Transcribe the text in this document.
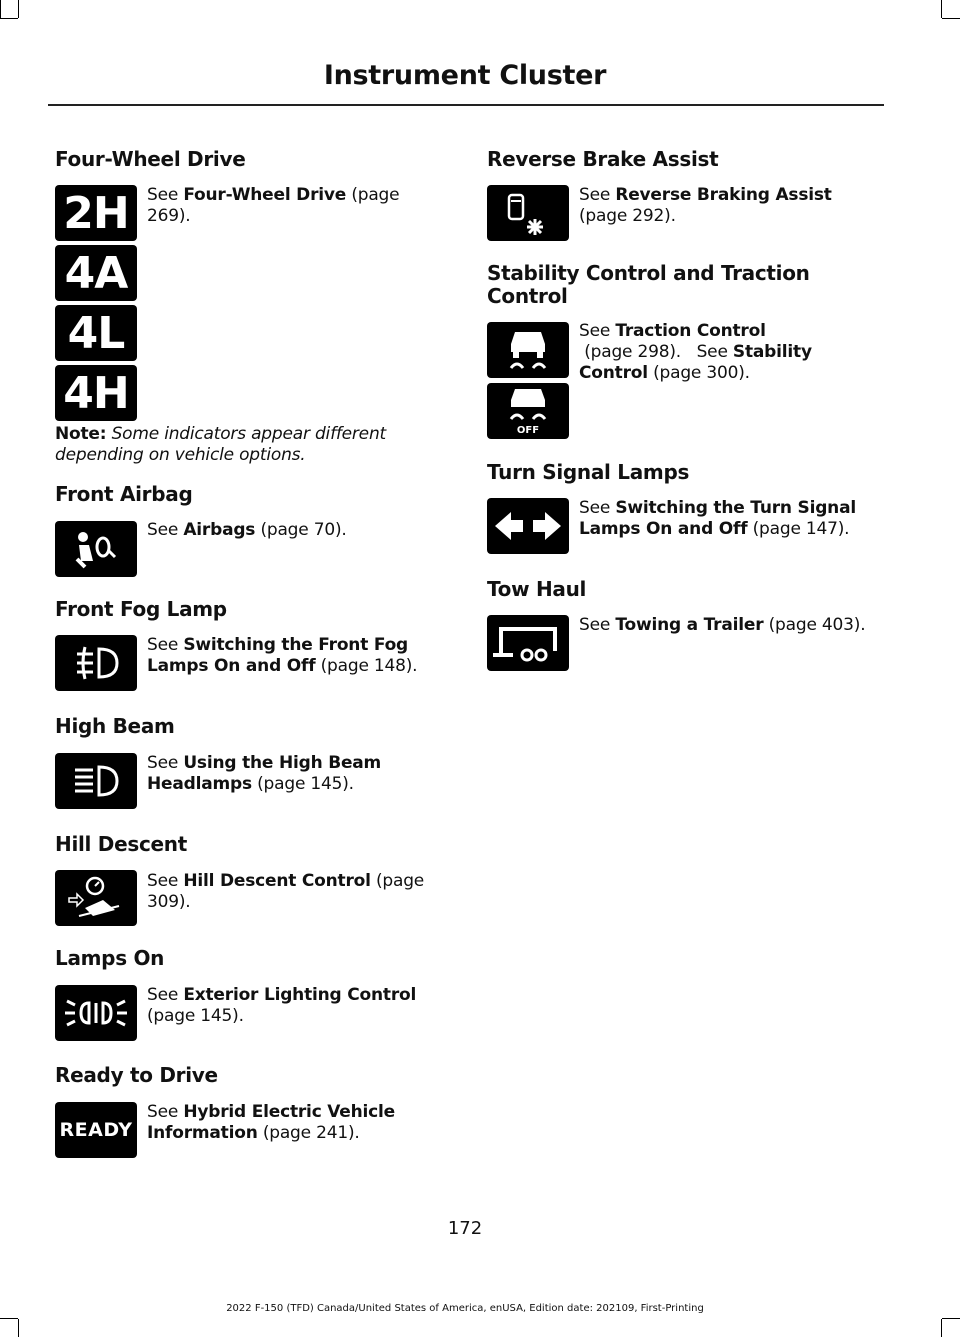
Instrument Cluster
Four-Wheel Drive
See Four-Wheel Drive (page 269).
2H
4A
4L
4H
Note: Some indicators appear different depending on vehicle options.
Front Airbag
See Airbags (page 70).
Front Fog Lamp
See Switching the Front Fog Lamps On and Off (page 148).
High Beam
See Using the High Beam Headlamps (page 145).
Hill Descent
See Hill Descent Control (page 309).
Lamps On
See Exterior Lighting Control (page 145).
Ready to Drive
See Hybrid Electric Vehicle Information (page 241).
READY
Reverse Brake Assist
See Reverse Braking Assist (page 292).
Stability Control and Traction Control
See Traction Control (page 298).   See Stability Control (page 300).
OFF
Turn Signal Lamps
See Switching the Turn Signal Lamps On and Off (page 147).
Tow Haul
See Towing a Trailer (page 403).
172
2022 F-150 (TFD) Canada/United States of America, enUSA, Edition date: 202109, First-Printing
